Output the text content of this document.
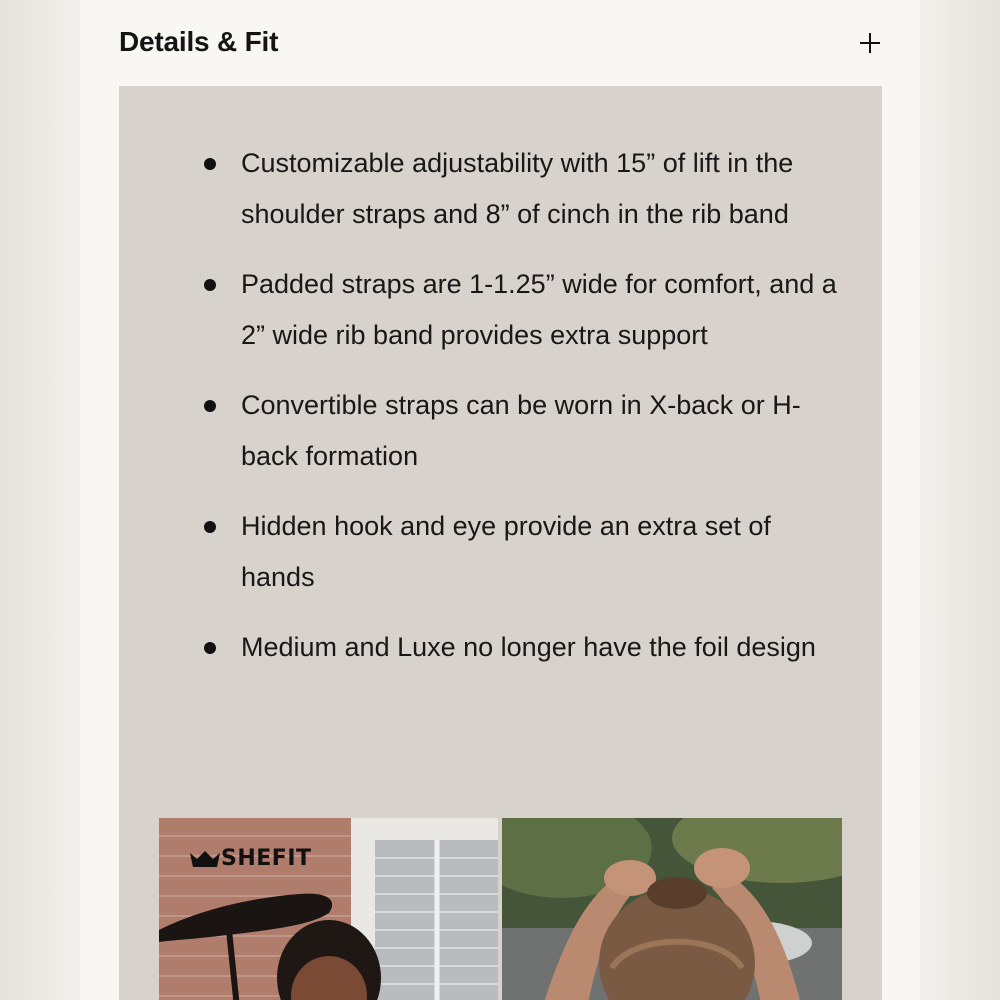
Details & Fit
Customizable adjustability with 15” of lift in the shoulder straps and 8” of cinch in the rib band
Padded straps are 1-1.25” wide for comfort, and a 2” wide rib band provides extra support
Convertible straps can be worn in X-back or H-back formation
Hidden hook and eye provide an extra set of hands
Medium and Luxe no longer have the foil design
SHEFIT
